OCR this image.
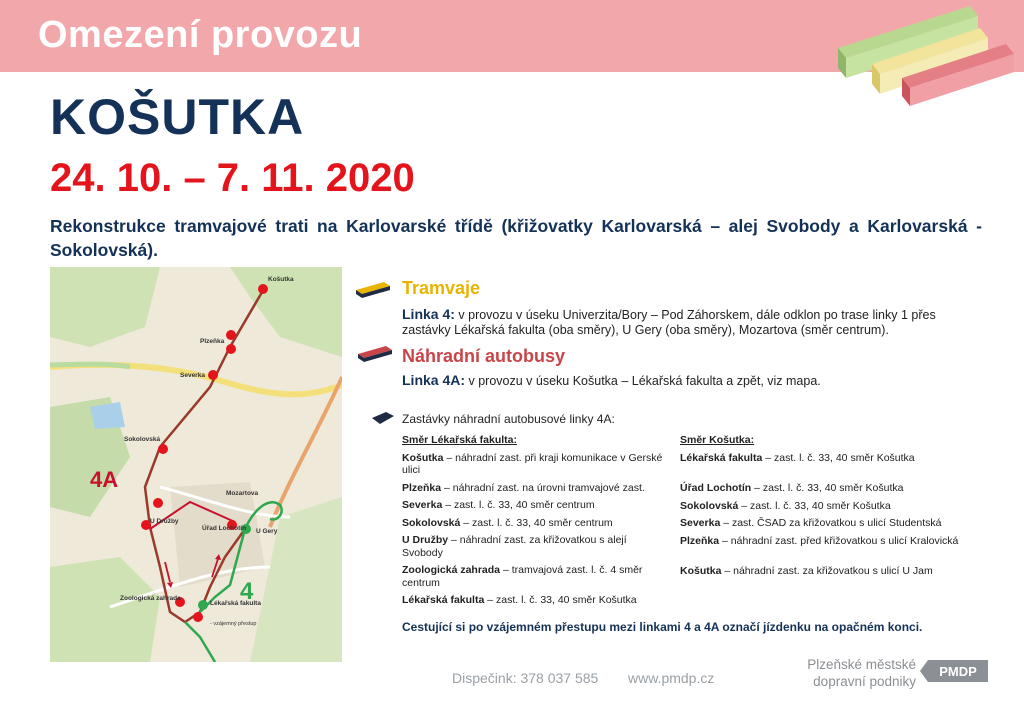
Omezení provozu
KOŠUTKA
24. 10. – 7. 11. 2020
Rekonstrukce tramvajové trati na Karlovarské třídě (křižovatky Karlovarská – alej Svobody a Karlovarská - Sokolovská).
Košutka
Plzeňka
Severka
Sokolovská
Mozartova
U Družby
Úřad Lochotín U Gery
Zoologická zahrada
Lékařská fakulta
- vzájemný přestup
4A
4
Tramvaje
Linka 4: v provozu v úseku Univerzita/Bory – Pod Záhorskem, dále odklon po trase linky 1 přes zastávky Lékařská fakulta (oba směry), U Gery (oba směry), Mozartova (směr centrum).
Náhradní autobusy
Linka 4A: v provozu v úseku Košutka – Lékařská fakulta a zpět, viz mapa.
Zastávky náhradní autobusové linky 4A:
Směr Lékařská fakulta:
Košutka – náhradní zast. při kraji komunikace v Gerské ulici
Plzeňka – náhradní zast. na úrovni tramvajové zast.
Severka – zast. l. č. 33, 40 směr centrum
Sokolovská – zast. l. č. 33, 40 směr centrum
U Družby – náhradní zast. za křižovatkou s alejí Svobody
Zoologická zahrada – tramvajová zast. l. č. 4 směr centrum
Lékařská fakulta – zast. l. č. 33, 40 směr Košutka
Směr Košutka:
Lékařská fakulta – zast. l. č. 33, 40 směr Košutka
Úřad Lochotín – zast. l. č. 33, 40 směr Košutka
Sokolovská – zast. l. č. 33, 40 směr Košutka
Severka – zast. ČSAD za křižovatkou s ulicí Studentská
Plzeňka – náhradní zast. před křižovatkou s ulicí Kralovická
Košutka – náhradní zast. za křižovatkou s ulicí U Jam
Cestující si po vzájemném přestupu mezi linkami 4 a 4A označí jízdenku na opačném konci.
Dispečink: 378 037 585 www.pmdp.cz
Plzeňské městské
dopravní podniky
PMDP
